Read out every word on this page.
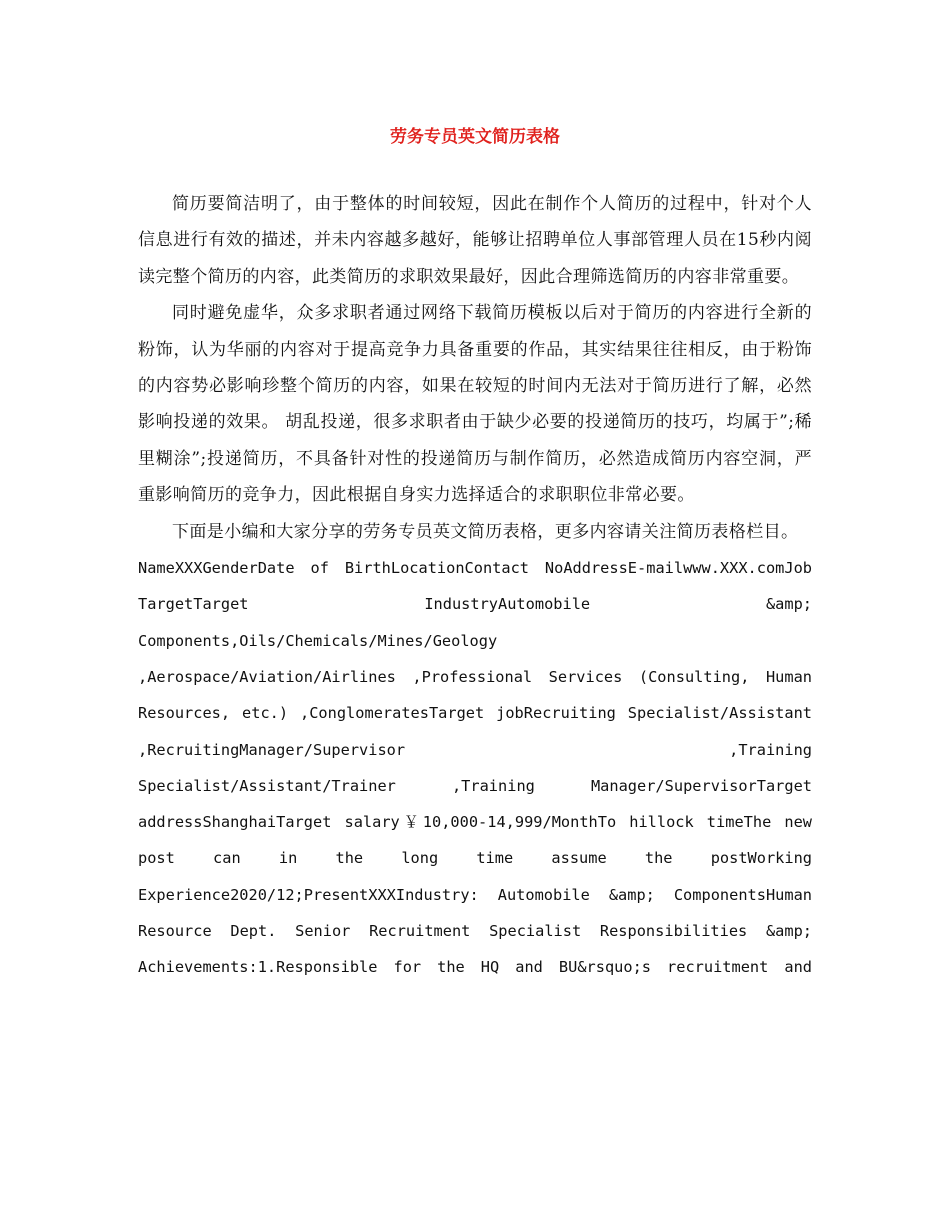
劳务专员英文简历表格

简历要简洁明了，由于整体的时间较短，因此在制作个人简历的过程中，针对个人信息进行有效的描述，并未内容越多越好，能够让招聘单位人事部管理人员在15秒内阅读完整个简历的内容，此类简历的求职效果最好，因此合理筛选简历的内容非常重要。

同时避免虚华，众多求职者通过网络下载简历模板以后对于简历的内容进行全新的粉饰，认为华丽的内容对于提高竞争力具备重要的作品，其实结果往往相反，由于粉饰的内容势必影响珍整个简历的内容，如果在较短的时间内无法对于简历进行了解，必然影响投递的效果。 胡乱投递，很多求职者由于缺少必要的投递简历的技巧，均属于”;稀里糊涂”;投递简历，不具备针对性的投递简历与制作简历，必然造成简历内容空洞，严重影响简历的竞争力，因此根据自身实力选择适合的求职职位非常必要。

下面是小编和大家分享的劳务专员英文简历表格，更多内容请关注简历表格栏目。

NameXXXGenderDate of BirthLocationContact NoAddressE-mailwww.XXX.comJob
TargetTarget IndustryAutomobile &amp;
Components,Oils/Chemicals/Mines/Geology
,Aerospace/Aviation/Airlines ,Professional Services (Consulting, Human
Resources, etc.) ,ConglomeratesTarget jobRecruiting Specialist/Assistant
,RecruitingManager/Supervisor ,Training
Specialist/Assistant/Trainer ,Training Manager/SupervisorTarget
addressShanghaiTarget salary￥10,000-14,999/MonthTo hillock timeThe new
post can in the long time assume the postWorking
Experience2020/12;PresentXXXIndustry: Automobile &amp; ComponentsHuman
Resource Dept. Senior Recruitment Specialist Responsibilities &amp;
Achievements:1.Responsible for the HQ and BU&rsquo;s recruitment and
